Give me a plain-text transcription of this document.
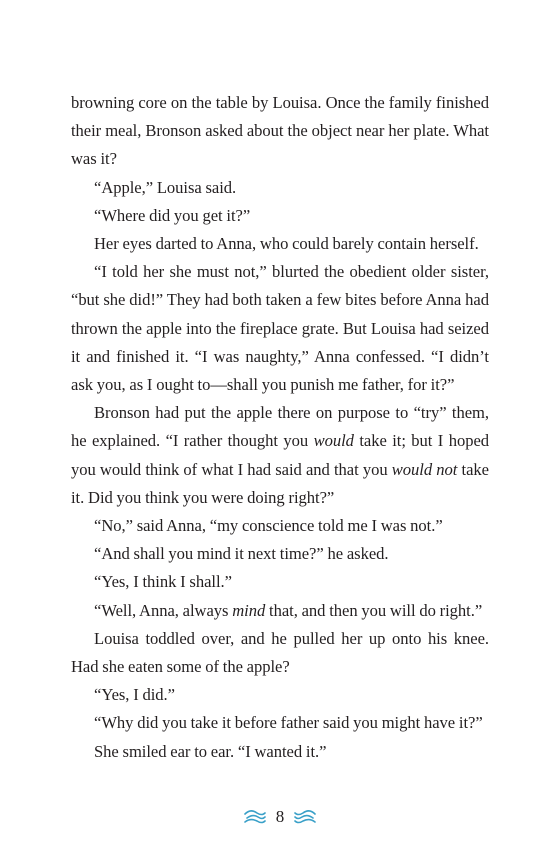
browning core on the table by Louisa. Once the family finished their meal, Bronson asked about the object near her plate. What was it?

“Apple,” Louisa said.

“Where did you get it?”

Her eyes darted to Anna, who could barely contain herself.

“I told her she must not,” blurted the obedient older sister, “but she did!” They had both taken a few bites before Anna had thrown the apple into the fireplace grate. But Louisa had seized it and finished it. “I was naughty,” Anna confessed. “I didn’t ask you, as I ought to—shall you punish me father, for it?”

Bronson had put the apple there on purpose to “try” them, he explained. “I rather thought you would take it; but I hoped you would think of what I had said and that you would not take it. Did you think you were doing right?”

“No,” said Anna, “my conscience told me I was not.”

“And shall you mind it next time?” he asked.

“Yes, I think I shall.”

“Well, Anna, always mind that, and then you will do right.”

Louisa toddled over, and he pulled her up onto his knee. Had she eaten some of the apple?

“Yes, I did.”

“Why did you take it before father said you might have it?”

She smiled ear to ear. “I wanted it.”

8
